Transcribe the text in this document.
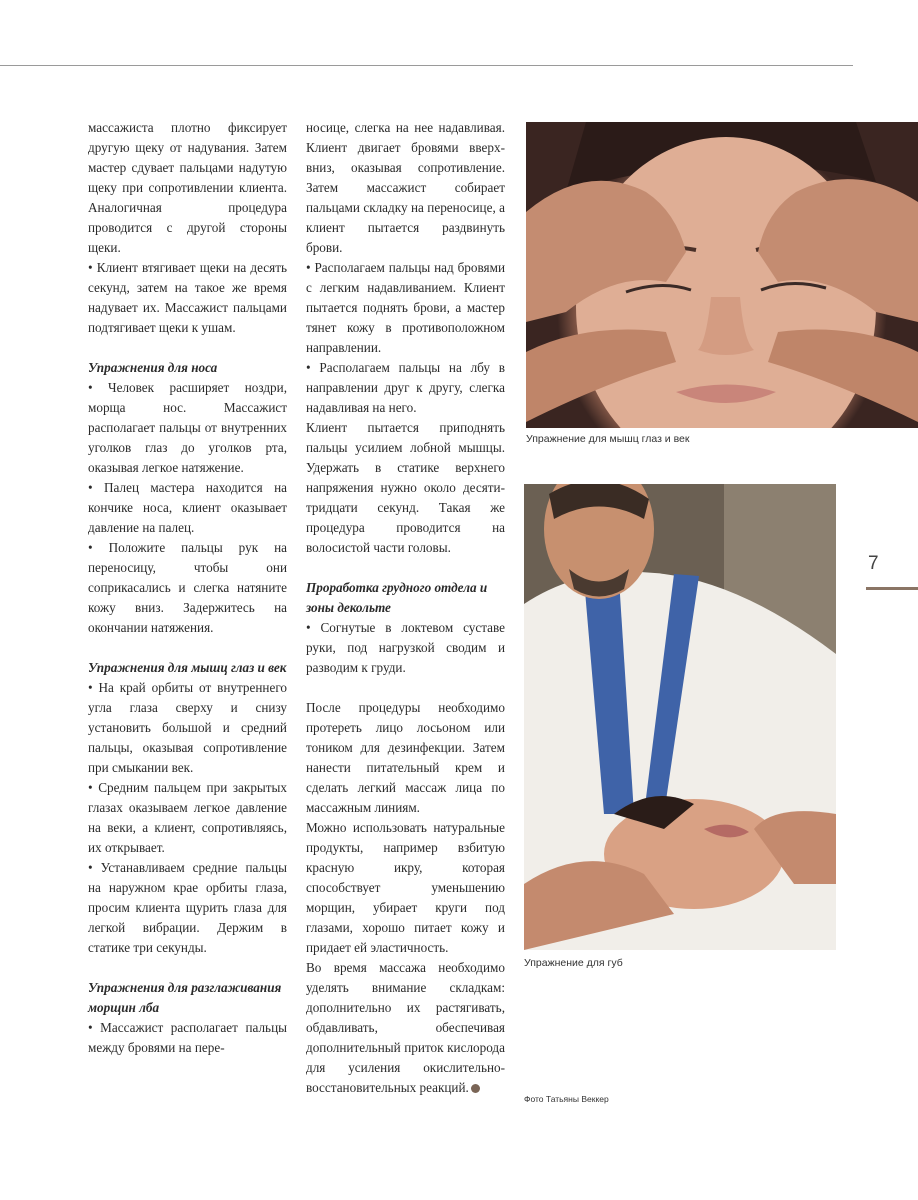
массажиста плотно фиксирует другую щеку от надувания. Затем мастер сдувает пальцами надутую щеку при сопротивлении клиента. Аналогичная процедура проводится с другой стороны щеки.

• Клиент втягивает щеки на десять секунд, затем на такое же время надувает их. Массажист пальцами подтягивает щеки к ушам.

Упражнения для носа

• Человек расширяет ноздри, морща нос. Массажист располагает пальцы от внутренних уголков глаз до уголков рта, оказывая легкое натяжение.

• Палец мастера находится на кончике носа, клиент оказывает давление на палец.

• Положите пальцы рук на переносицу, чтобы они соприкасались и слегка натяните кожу вниз. Задержитесь на окончании натяжения.

Упражнения для мышц глаз и век

• На край орбиты от внутреннего угла глаза сверху и снизу установить большой и средний пальцы, оказывая сопротивление при смыкании век.

• Средним пальцем при закрытых глазах оказываем легкое давление на веки, а клиент, сопротивляясь, их открывает.

• Устанавливаем средние пальцы на наружном крае орбиты глаза, просим клиента щурить глаза для легкой вибрации. Держим в статике три секунды.

Упражнения для разглаживания морщин лба

• Массажист располагает пальцы между бровями на пере-

носице, слегка на нее надавливая. Клиент двигает бровями вверх-вниз, оказывая сопротивление. Затем массажист собирает пальцами складку на переносице, а клиент пытается раздвинуть брови.

• Располагаем пальцы над бровями с легким надавливанием. Клиент пытается поднять брови, а мастер тянет кожу в противоположном направлении.

• Располагаем пальцы на лбу в направлении друг к другу, слегка надавливая на него.

Клиент пытается приподнять пальцы усилием лобной мышцы. Удержать в статике верхнего напряжения нужно около десяти-тридцати секунд. Такая же процедура проводится на волосистой части головы.

Проработка грудного отдела и зоны декольте

• Согнутые в локтевом суставе руки, под нагрузкой сводим и разводим к груди.

После процедуры необходимо протереть лицо лосьоном или тоником для дезинфекции. Затем нанести питательный крем и сделать легкий массаж лица по массажным линиям.

Можно использовать натуральные продукты, например взбитую красную икру, которая способствует уменьшению морщин, убирает круги под глазами, хорошо питает кожу и придает ей эластичность.

Во время массажа необходимо уделять внимание складкам: дополнительно их растягивать, обдавливать, обеспечивая дополнительный приток кислорода для усиления окислительно-восстановительных реакций.

Упражнение для мышц глаз и век
Упражнение для губ
Фото Татьяны Веккер
7
